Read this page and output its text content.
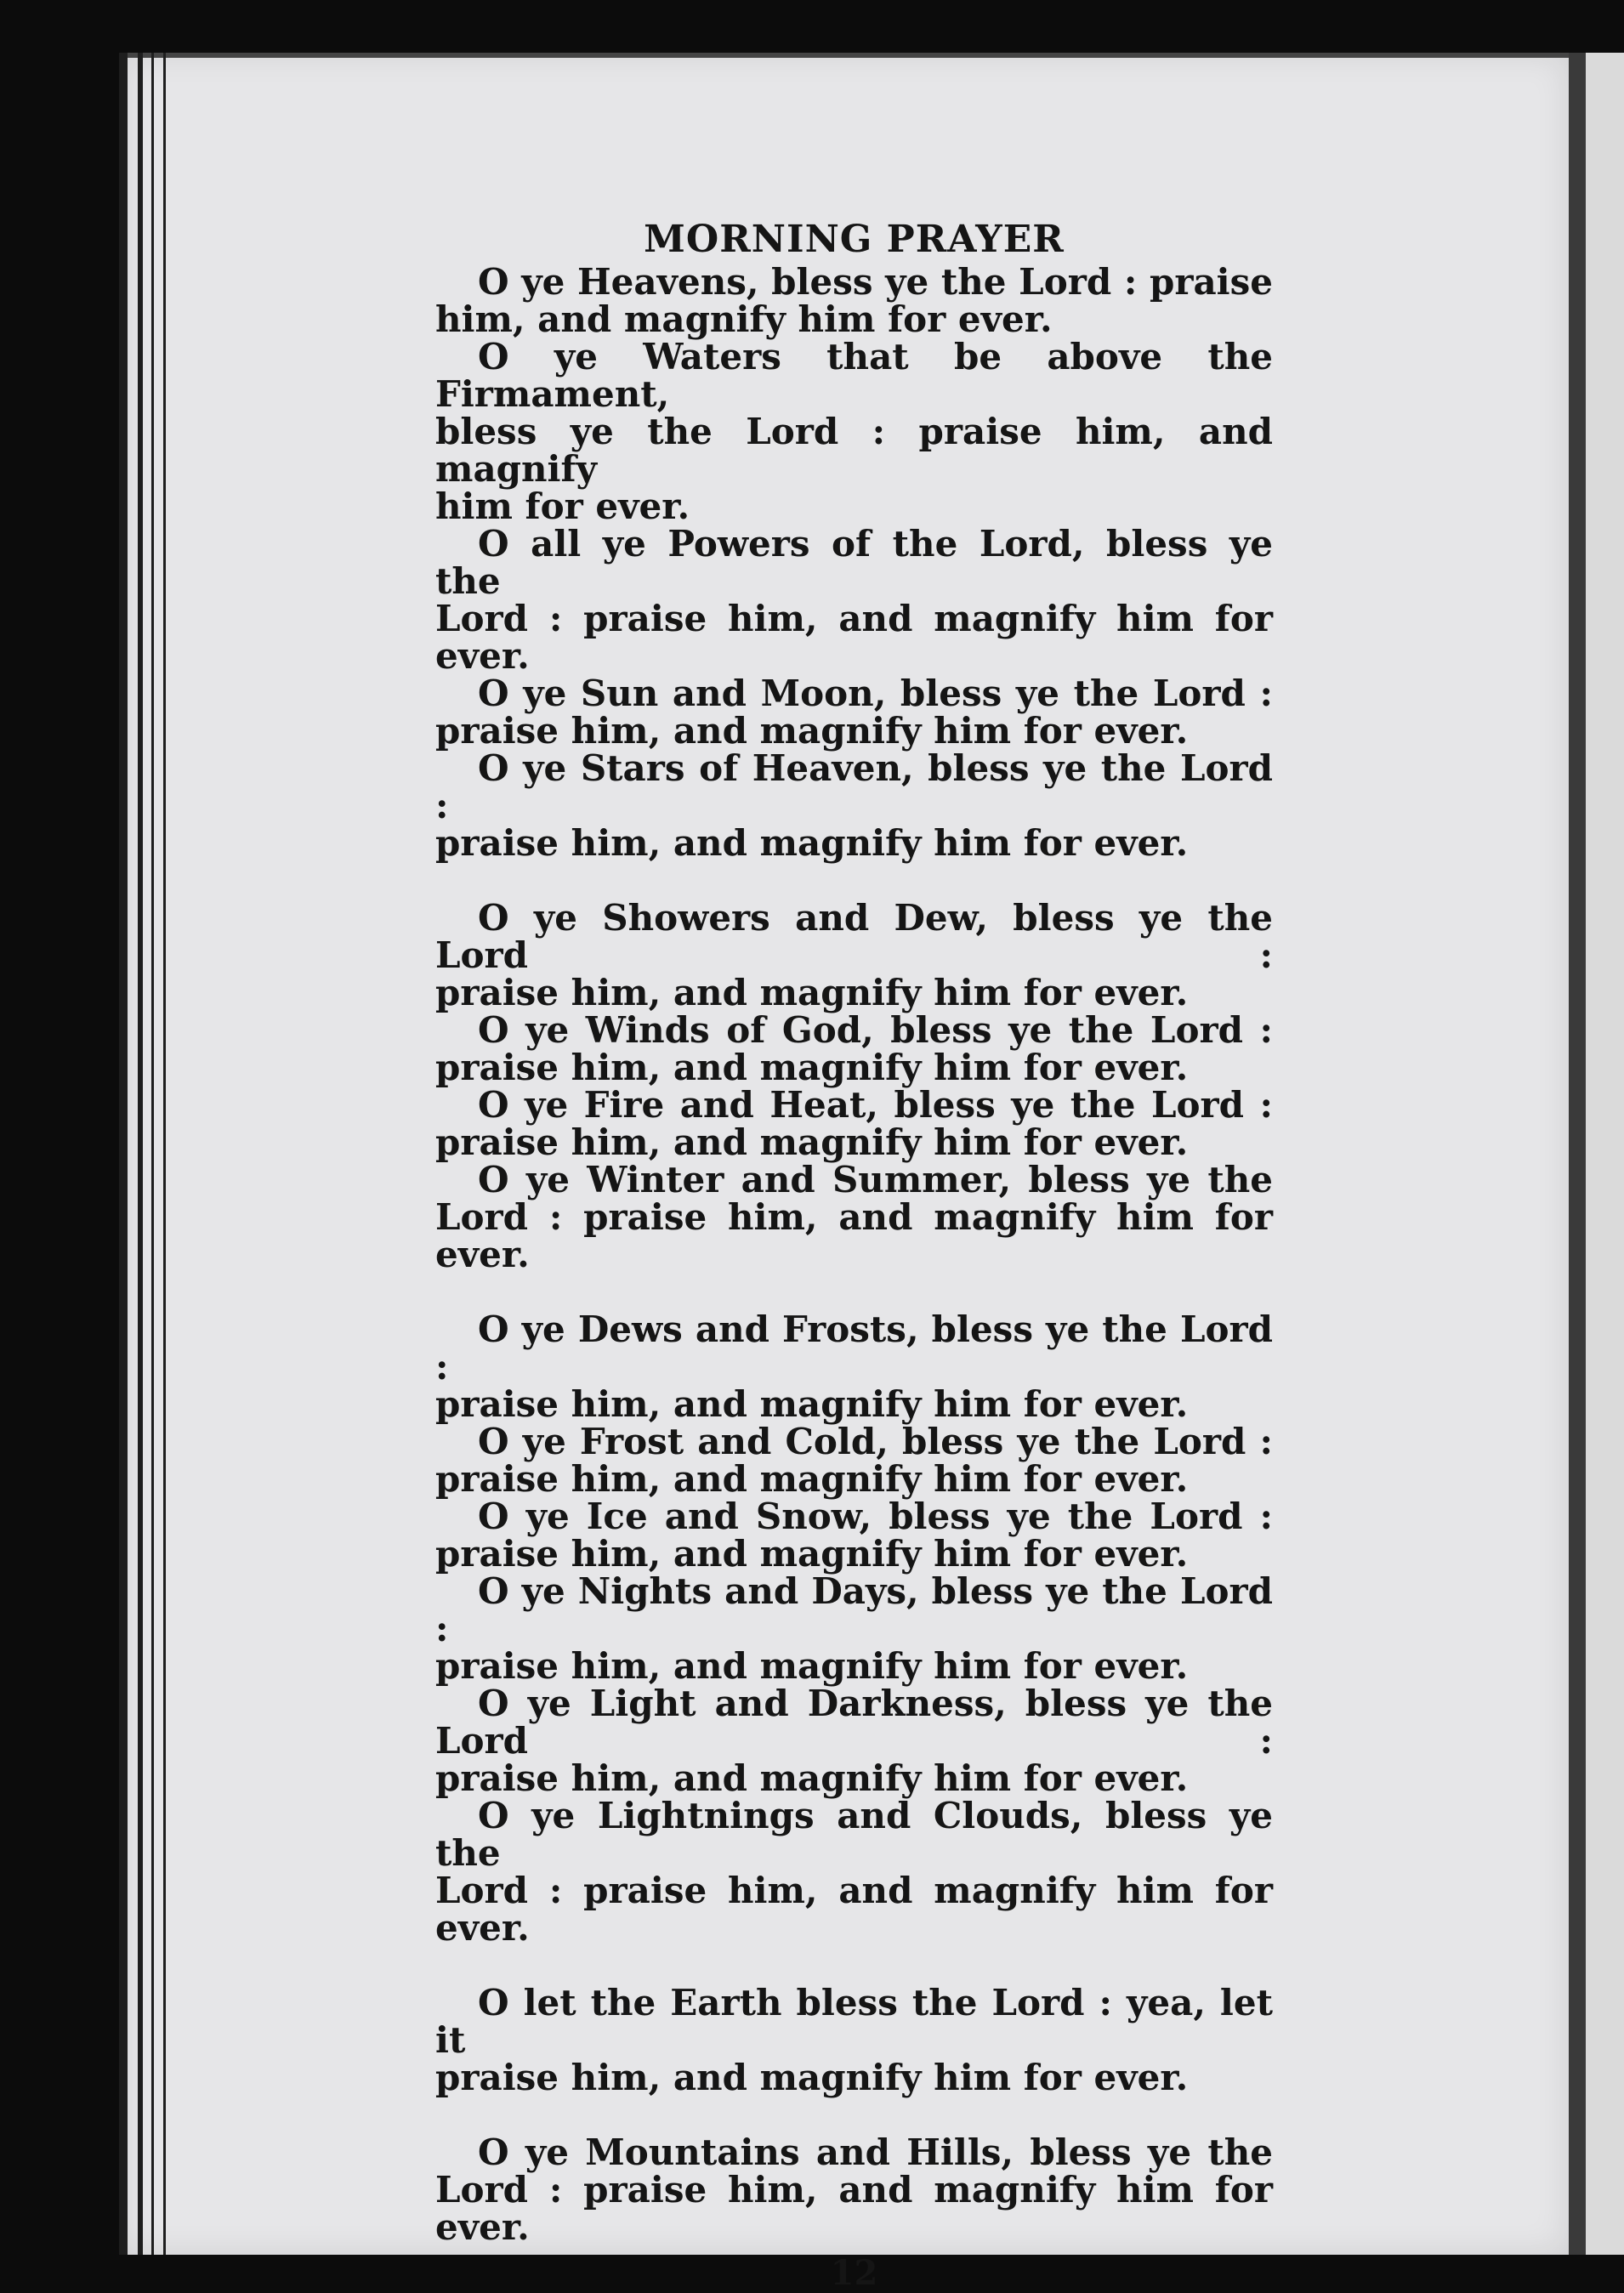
MORNING PRAYER
O ye Heavens, bless ye the Lord : praise
him, and magnify him for ever.
O ye Waters that be above the Firmament,
bless ye the Lord : praise him, and magnify
him for ever.
O all ye Powers of the Lord, bless ye the
Lord : praise him, and magnify him for ever.
O ye Sun and Moon, bless ye the Lord :
praise him, and magnify him for ever.
O ye Stars of Heaven, bless ye the Lord :
praise him, and magnify him for ever.
O ye Showers and Dew, bless ye the Lord :
praise him, and magnify him for ever.
O ye Winds of God, bless ye the Lord :
praise him, and magnify him for ever.
O ye Fire and Heat, bless ye the Lord :
praise him, and magnify him for ever.
O ye Winter and Summer, bless ye the
Lord : praise him, and magnify him for ever.
O ye Dews and Frosts, bless ye the Lord :
praise him, and magnify him for ever.
O ye Frost and Cold, bless ye the Lord :
praise him, and magnify him for ever.
O ye Ice and Snow, bless ye the Lord :
praise him, and magnify him for ever.
O ye Nights and Days, bless ye the Lord :
praise him, and magnify him for ever.
O ye Light and Darkness, bless ye the Lord :
praise him, and magnify him for ever.
O ye Lightnings and Clouds, bless ye the
Lord : praise him, and magnify him for ever.
O let the Earth bless the Lord : yea, let it
praise him, and magnify him for ever.
O ye Mountains and Hills, bless ye the
Lord : praise him, and magnify him for ever.
12
